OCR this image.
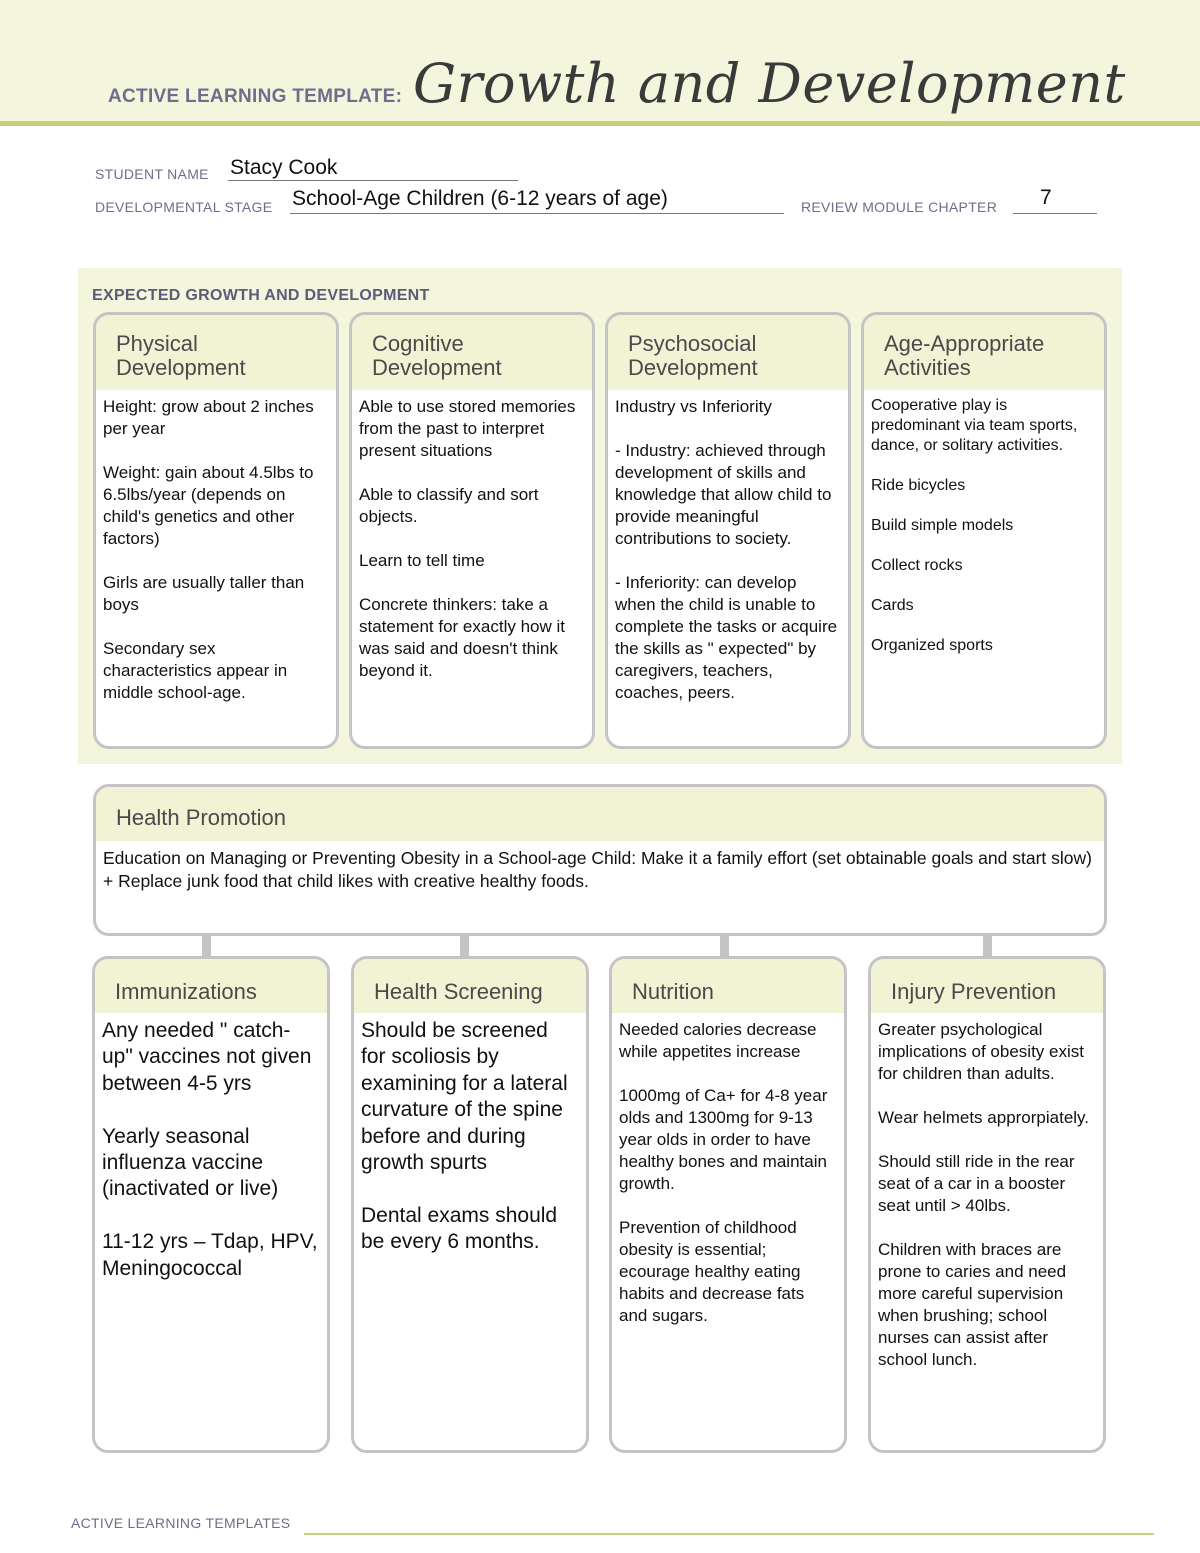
ACTIVE LEARNING TEMPLATE: Growth and Development
STUDENT NAME Stacy Cook
DEVELOPMENTAL STAGE School-Age Children (6-12 years of age)	REVIEW MODULE CHAPTER 7
EXPECTED GROWTH AND DEVELOPMENT
Physical
Development
Height: grow about 2 inches per year

Weight: gain about 4.5lbs to 6.5lbs/year (depends on child's genetics and other factors)

Girls are usually taller than boys

Secondary sex characteristics appear in middle school-age.
Cognitive
Development
Able to use stored memories from the past to interpret present situations

Able to classify and sort objects.

Learn to tell time

Concrete thinkers: take a statement for exactly how it was said and doesn't think beyond it.
Psychosocial
Development
Industry vs Inferiority

- Industry: achieved through development of skills and knowledge that allow child to provide meaningful contributions to society.

- Inferiority: can develop when the child is unable to complete the tasks or acquire the skills as " expected" by caregivers, teachers, coaches, peers.
Age-Appropriate
Activities
Cooperative play is predominant via team sports, dance, or solitary activities.

Ride bicycles

Build simple models

Collect rocks

Cards

Organized sports
Health Promotion
Education on Managing or Preventing Obesity in a School-age Child: Make it a family effort (set obtainable goals and start slow) + Replace junk food that child likes with creative healthy foods.
Immunizations
Any needed " catch-up" vaccines not given between 4-5 yrs

Yearly seasonal influenza vaccine (inactivated or live)

11-12 yrs – Tdap, HPV, Meningococcal
Health Screening
Should be screened for scoliosis by examining for a lateral curvature of the spine before and during growth spurts

Dental exams should be every 6 months.
Nutrition
Needed calories decrease while appetites increase

1000mg of Ca+ for 4-8 year olds and 1300mg for 9-13 year olds in order to have healthy bones and maintain growth.

Prevention of childhood obesity is essential; ecourage healthy eating habits and decrease fats and sugars.
Injury Prevention
Greater psychological implications of obesity exist for children than adults.

Wear helmets approrpiately.

Should still ride in the rear seat of a car in a booster seat until > 40lbs.

Children with braces are prone to caries and need more careful supervision when brushing; school nurses can assist after school lunch.
ACTIVE LEARNING TEMPLATES
